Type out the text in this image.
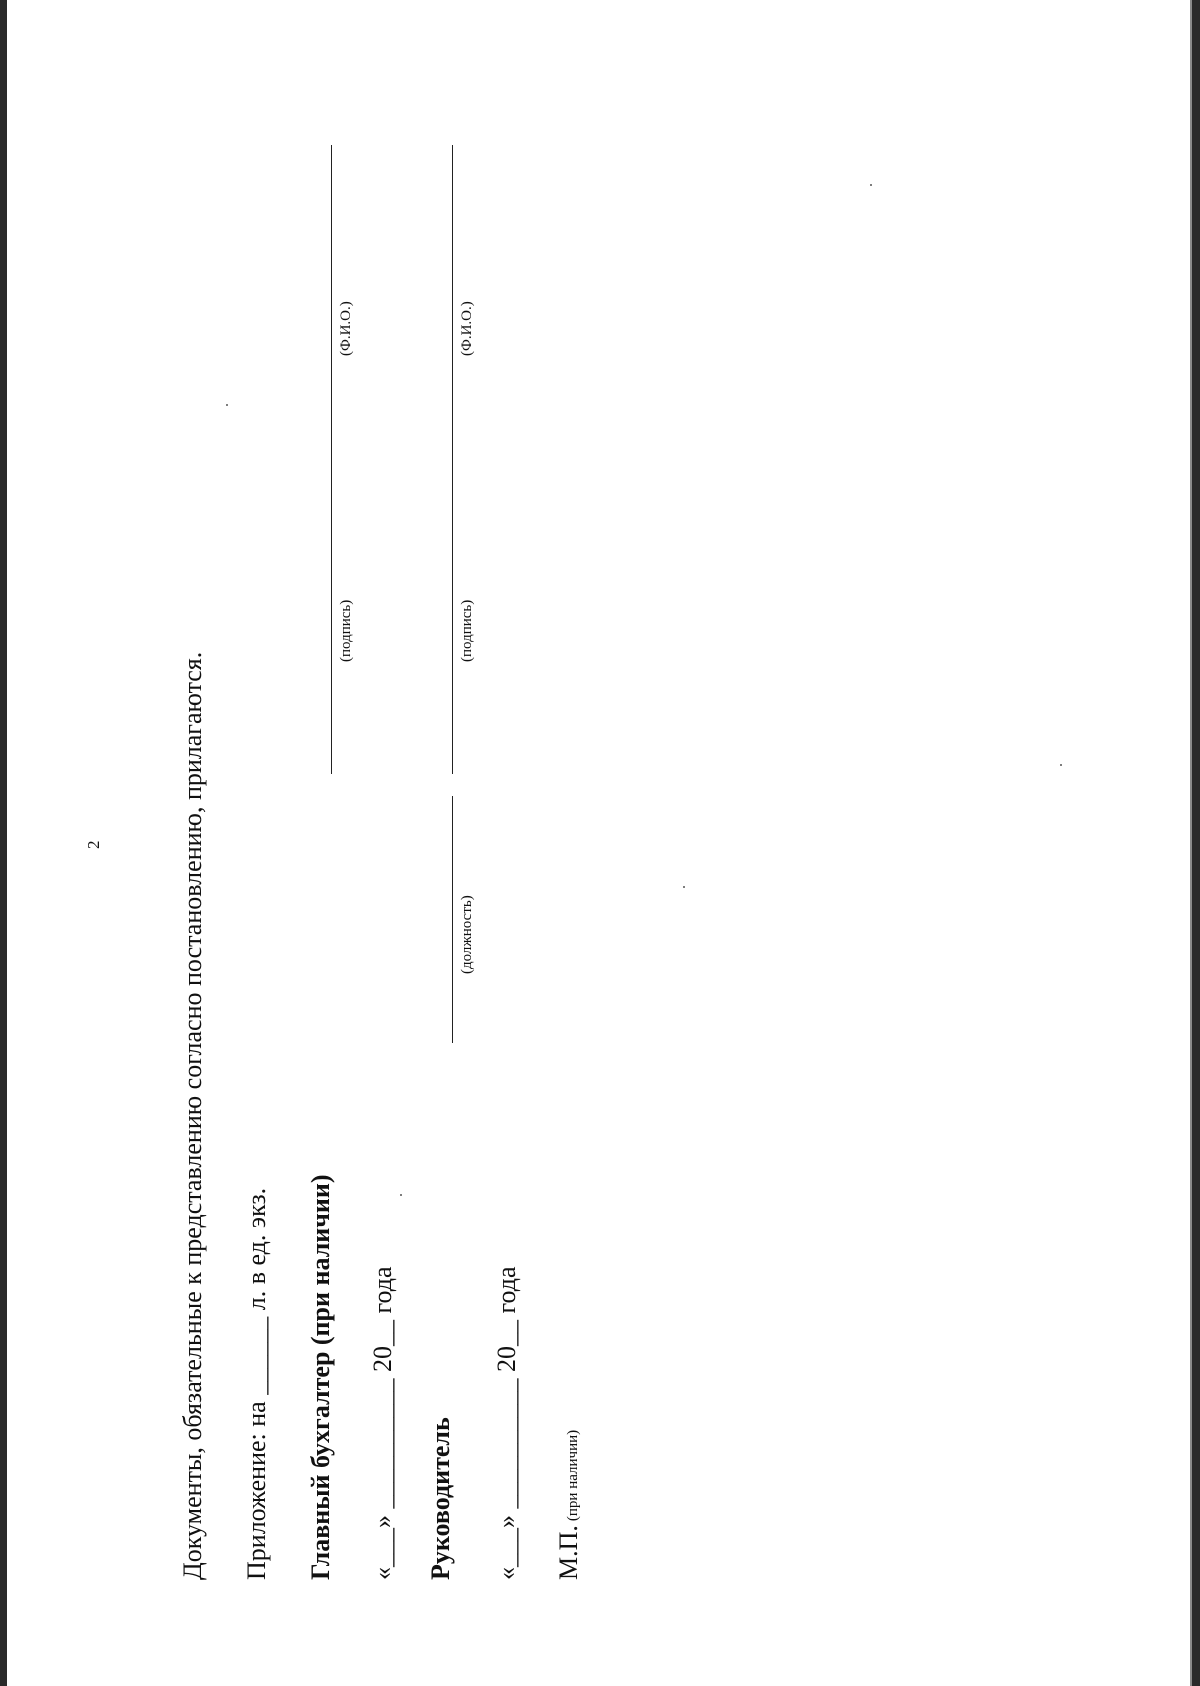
2	Документы, обязательные к представлению согласно постановлению, прилагаются. Приложение: на ______ л. в ед. экз. Главный бухгалтер (при наличии) «___» __________ 20__ года
(подпись)
(Ф.И.О.)
Руководитель «___» __________ 20__ года
(должность)
(подпись)
(Ф.И.О.)
М.П. (при наличии)
